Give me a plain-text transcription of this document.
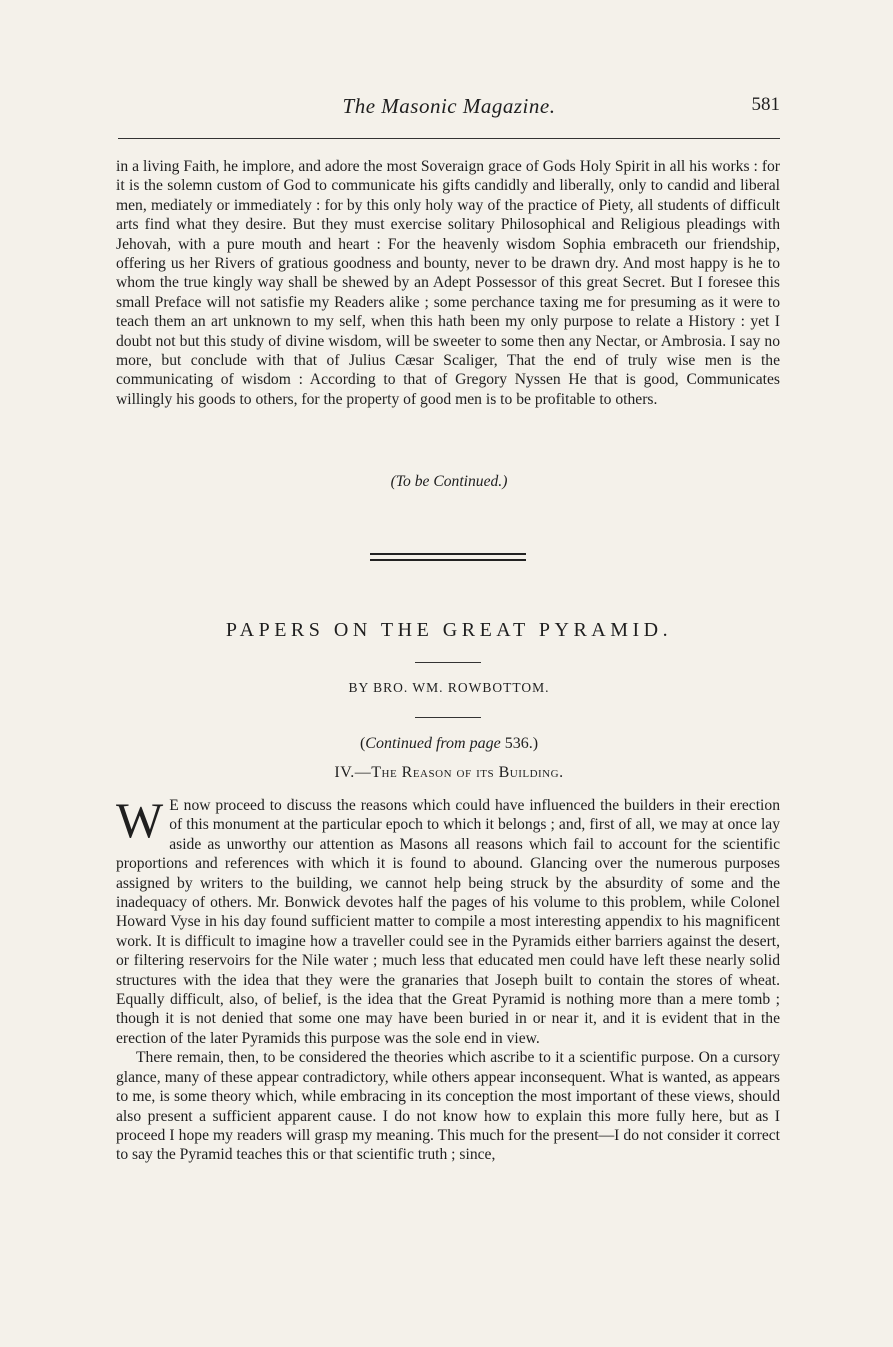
The Masonic Magazine.	581

in a living Faith, he implore, and adore the most Soveraign grace of Gods Holy Spirit in all his works : for it is the solemn custom of God to communicate his gifts candidly and liberally, only to candid and liberal men, mediately or immediately : for by this only holy way of the practice of Piety, all students of difficult arts find what they desire. But they must exercise solitary Philosophical and Religious pleadings with Jehovah, with a pure mouth and heart : For the heavenly wisdom Sophia embraceth our friendship, offering us her Rivers of gratious goodness and bounty, never to be drawn dry. And most happy is he to whom the true kingly way shall be shewed by an Adept Possessor of this great Secret. But I foresee this small Preface will not satisfie my Readers alike ; some perchance taxing me for presuming as it were to teach them an art unknown to my self, when this hath been my only purpose to relate a History : yet I doubt not but this study of divine wisdom, will be sweeter to some then any Nectar, or Ambrosia. I say no more, but conclude with that of Julius Cæsar Scaliger, That the end of truly wise men is the communicating of wisdom : According to that of Gregory Nyssen He that is good, Communicates willingly his goods to others, for the property of good men is to be profitable to others.

(To be Continued.)
PAPERS ON THE GREAT PYRAMID.
BY BRO. WM. ROWBOTTOM.
(Continued from page 536.)
IV.—The Reason of its Building.

W E now proceed to discuss the reasons which could have influenced the builders in their erection of this monument at the particular epoch to which it belongs ; and, first of all, we may at once lay aside as unworthy our attention as Masons all reasons which fail to account for the scientific proportions and references with which it is found to abound. Glancing over the numerous purposes assigned by writers to the building, we cannot help being struck by the absurdity of some and the inadequacy of others. Mr. Bonwick devotes half the pages of his volume to this problem, while Colonel Howard Vyse in his day found sufficient matter to compile a most interesting appendix to his magnificent work. It is difficult to imagine how a traveller could see in the Pyramids either barriers against the desert, or filtering reservoirs for the Nile water ; much less that educated men could have left these nearly solid structures with the idea that they were the granaries that Joseph built to contain the stores of wheat. Equally difficult, also, of belief, is the idea that the Great Pyramid is nothing more than a mere tomb ; though it is not denied that some one may have been buried in or near it, and it is evident that in the erection of the later Pyramids this purpose was the sole end in view.

There remain, then, to be considered the theories which ascribe to it a scientific purpose. On a cursory glance, many of these appear contradictory, while others appear inconsequent. What is wanted, as appears to me, is some theory which, while embracing in its conception the most important of these views, should also present a sufficient apparent cause. I do not know how to explain this more fully here, but as I proceed I hope my readers will grasp my meaning. This much for the present—I do not consider it correct to say the Pyramid teaches this or that scientific truth ; since,
